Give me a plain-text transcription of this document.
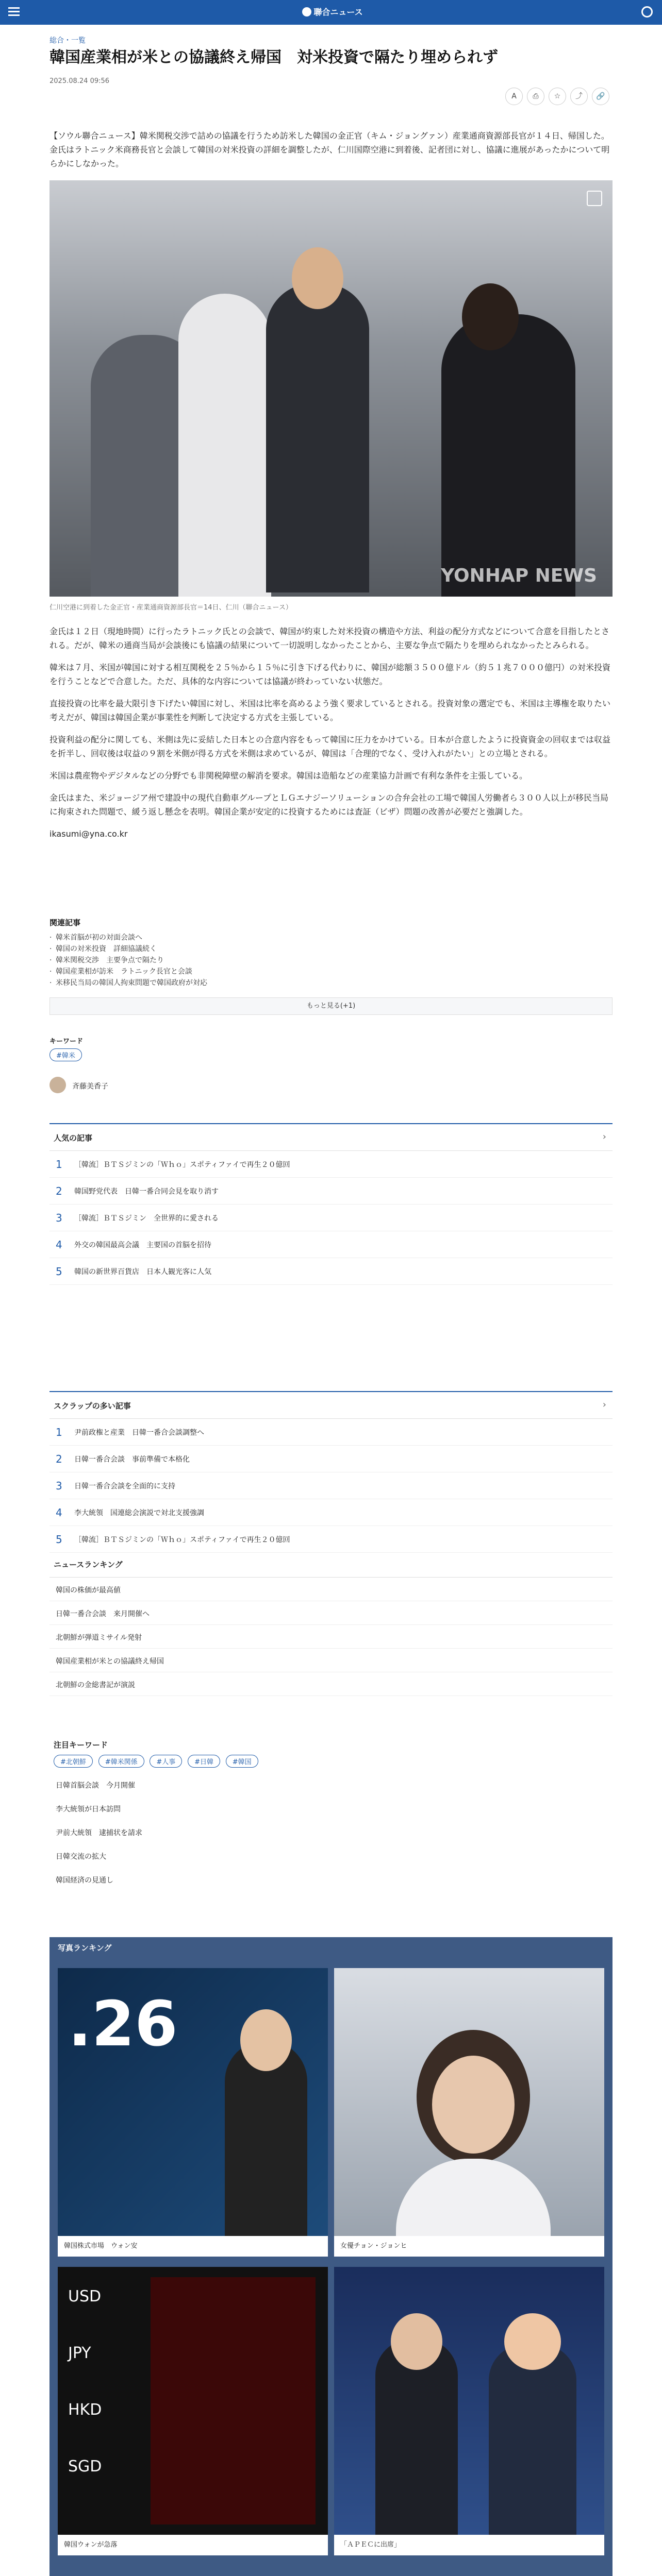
聯合ニュース
総合・一覧
韓国産業相が米との協議終え帰国　対米投資で隔たり埋められず
2025.08.24 09:56
A	⎙	☆	⤴	🔗

【ソウル聯合ニュース】韓米関税交渉で詰めの協議を行うため訪米した韓国の金正官（キム・ジョングァン）産業通商資源部長官が１４日、帰国した。金氏はラトニック米商務長官と会談して韓国の対米投資の詳細を調整したが、仁川国際空港に到着後、記者団に対し、協議に進展があったかについて明らかにしなかった。

YONHAP NEWS
仁川空港に到着した金正官・産業通商資源部長官＝14日、仁川（聯合ニュース）

金氏は１２日（現地時間）に行ったラトニック氏との会談で、韓国が約束した対米投資の構造や方法、利益の配分方式などについて合意を目指したとされる。だが、韓米の通商当局が会談後にも協議の結果について一切説明しなかったことから、主要な争点で隔たりを埋められなかったとみられる。

韓米は７月、米国が韓国に対する相互関税を２５％から１５％に引き下げる代わりに、韓国が総額３５００億ドル（約５１兆７０００億円）の対米投資を行うことなどで合意した。ただ、具体的な内容については協議が終わっていない状態だ。

直接投資の比率を最大限引き下げたい韓国に対し、米国は比率を高めるよう強く要求しているとされる。投資対象の選定でも、米国は主導権を取りたい考えだが、韓国は韓国企業が事業性を判断して決定する方式を主張している。

投資利益の配分に関しても、米側は先に妥結した日本との合意内容をもって韓国に圧力をかけている。日本が合意したように投資資金の回収までは収益を折半し、回収後は収益の９割を米側が得る方式を米側は求めているが、韓国は「合理的でなく、受け入れがたい」との立場とされる。

米国は農産物やデジタルなどの分野でも非関税障壁の解消を要求。韓国は造船などの産業協力計画で有利な条件を主張している。

金氏はまた、米ジョージア州で建設中の現代自動車グループとＬＧエナジーソリューションの合弁会社の工場で韓国人労働者ら３００人以上が移民当局に拘束された問題で、緩う返し懸念を表明。韓国企業が安定的に投資するためには査証（ビザ）問題の改善が必要だと強調した。

ikasumi@yna.co.kr

関連記事
· 韓米首脳が初の対面会談へ
· 韓国の対米投資　詳細協議続く
· 韓米関税交渉　主要争点で隔たり
· 韓国産業相が訪米　ラトニック長官と会談
· 米移民当局の韓国人拘束問題で韓国政府が対応
もっと見る(+1)
キーワード
#韓米
斉藤美香子
人気の記事	›
1	［韓流］ＢＴＳジミンの「Ｗｈｏ」スポティファイで再生２０億回
2	韓国野党代表　日韓一番合同会見を取り消す
3	［韓流］ＢＴＳジミン　全世界的に愛される
4	外交の韓国最高会議　主要国の首脳を招待
5	韓国の新世界百貨店　日本人観光客に人気
スクラップの多い記事	›
1	尹前政権と産業　日韓一番合会談調整へ
2	日韓一番合会談　事前準備で本格化
3	日韓一番合会談を全面的に支持
4	李大統領　国連総会演説で対北支援強調
5	［韓流］ＢＴＳジミンの「Ｗｈｏ」スポティファイで再生２０億回
ニュースランキング
韓国の株価が最高値
日韓一番合会談　来月開催へ
北朝鮮が弾道ミサイル発射
韓国産業相が米との協議終え帰国
北朝鮮の金総書記が演説
注目キーワード
#北朝鮮	#韓米関係	#人事	#日韓	#韓国
日韓首脳会談　今月開催
李大統領が日本訪問
尹前大統領　逮捕状を請求
日韓交流の拡大
韓国経済の見通し
写真ランキング
.26
韓国株式市場　ウォン安	女優チョン・ジョンヒ
USD
JPY
HKD
SGD
韓国ウォンが急落	「ＡＰＥＣに出席」
